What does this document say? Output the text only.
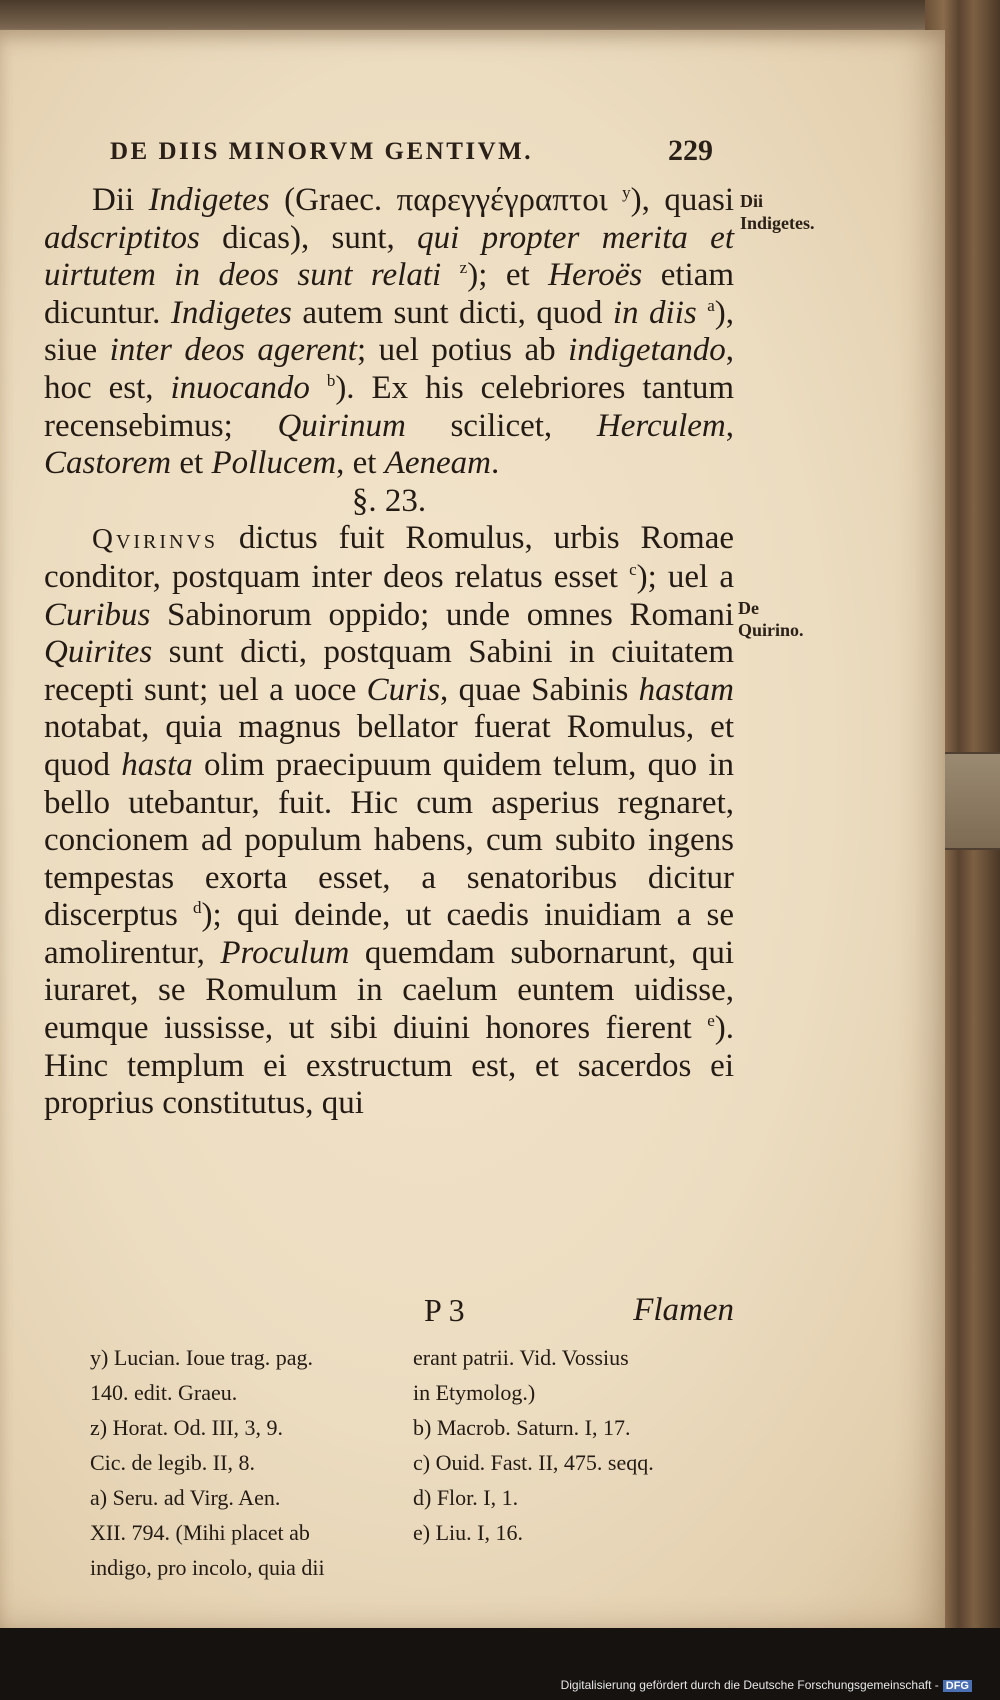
DE DIIS MINORVM GENTIVM.	229
Dii Indigetes.
De Quirino.

Dii Indigetes (Graec. παρεγγέγραπτοι $^y$), quasi adscriptitos dicas), sunt, qui propter merita et uirtutem in deos sunt relati $^z$); et Heroës etiam dicuntur. Indigetes autem sunt dicti, quod in diis $^a$), siue inter deos agerent; uel potius ab indigetando, hoc est, inuocando $^b$). Ex his celebriores tantum recensebimus; Quirinum scilicet, Herculem, Castorem et Pollucem, et Aeneam.

§. 23.

Qvirinvs dictus fuit Romulus, urbis Romae conditor, postquam inter deos relatus esset $^c$); uel a Curibus Sabinorum oppido; unde omnes Romani Quirites sunt dicti, postquam Sabini in ciuitatem recepti sunt; uel a uoce Curis, quae Sabinis hastam notabat, quia magnus bellator fuerat Romulus, et quod hasta olim praecipuum quidem telum, quo in bello utebantur, fuit. Hic cum asperius regnaret, concionem ad populum habens, cum subito ingens tempestas exorta esset, a senatoribus dicitur discerptus $^d$); qui deinde, ut caedis inuidiam a se amolirentur, Proculum quemdam subornarunt, qui iuraret, se Romulum in caelum euntem uidisse, eumque iussisse, ut sibi diuini honores fierent $^e$). Hinc templum ei exstructum est, et sacerdos ei proprius constitutus, qui

P 3	Flamen
y) Lucian. Ioue trag. pag.
140. edit. Graeu.
z) Horat. Od. III, 3, 9.
Cic. de legib. II, 8.
a) Seru. ad Virg. Aen.
XII. 794. (Mihi placet ab
indigo, pro incolo, quia dii
erant patrii. Vid. Vossius
in Etymolog.)
b) Macrob. Saturn. I, 17.
c) Ouid. Fast. II, 475. seqq.
d) Flor. I, 1.
e) Liu. I, 16.
Digitalisierung gefördert durch die Deutsche Forschungsgemeinschaft - DFG
